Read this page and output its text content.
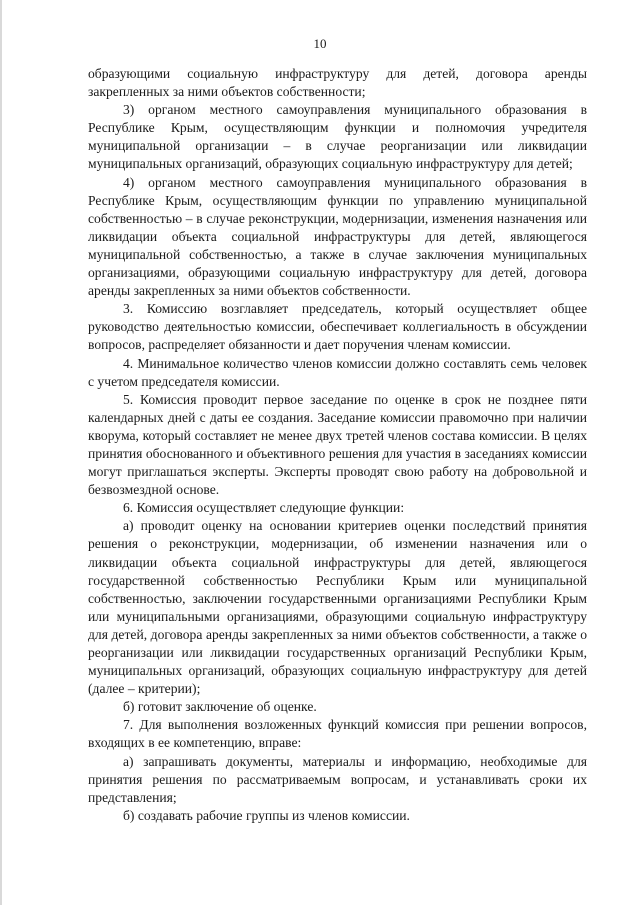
10

образующими социальную инфраструктуру для детей, договора аренды закрепленных за ними объектов собственности;

3) органом местного самоуправления муниципального образования в Республике Крым, осуществляющим функции и полномочия учредителя муниципальной организации – в случае реорганизации или ликвидации муниципальных организаций, образующих социальную инфраструктуру для детей;

4) органом местного самоуправления муниципального образования в Республике Крым, осуществляющим функции по управлению муниципальной собственностью – в случае реконструкции, модернизации, изменения назначения или ликвидации объекта социальной инфраструктуры для детей, являющегося муниципальной собственностью, а также в случае заключения муниципальных организациями, образующими социальную инфраструктуру для детей, договора аренды закрепленных за ними объектов собственности.

3. Комиссию возглавляет председатель, который осуществляет общее руководство деятельностью комиссии, обеспечивает коллегиальность в обсуждении вопросов, распределяет обязанности и дает поручения членам комиссии.

4. Минимальное количество членов комиссии должно составлять семь человек с учетом председателя комиссии.

5. Комиссия проводит первое заседание по оценке в срок не позднее пяти календарных дней с даты ее создания. Заседание комиссии правомочно при наличии кворума, который составляет не менее двух третей членов состава комиссии. В целях принятия обоснованного и объективного решения для участия в заседаниях комиссии могут приглашаться эксперты. Эксперты проводят свою работу на добровольной и безвозмездной основе.

6. Комиссия осуществляет следующие функции:

а) проводит оценку на основании критериев оценки последствий принятия решения о реконструкции, модернизации, об изменении назначения или о ликвидации объекта социальной инфраструктуры для детей, являющегося государственной собственностью Республики Крым или муниципальной собственностью, заключении государственными организациями Республики Крым или муниципальными организациями, образующими социальную инфраструктуру для детей, договора аренды закрепленных за ними объектов собственности, а также о реорганизации или ликвидации государственных организаций Республики Крым, муниципальных организаций, образующих социальную инфраструктуру для детей (далее – критерии);

б) готовит заключение об оценке.

7. Для выполнения возложенных функций комиссия при решении вопросов, входящих в ее компетенцию, вправе:

а) запрашивать документы, материалы и информацию, необходимые для принятия решения по рассматриваемым вопросам, и устанавливать сроки их представления;

б) создавать рабочие группы из членов комиссии.
